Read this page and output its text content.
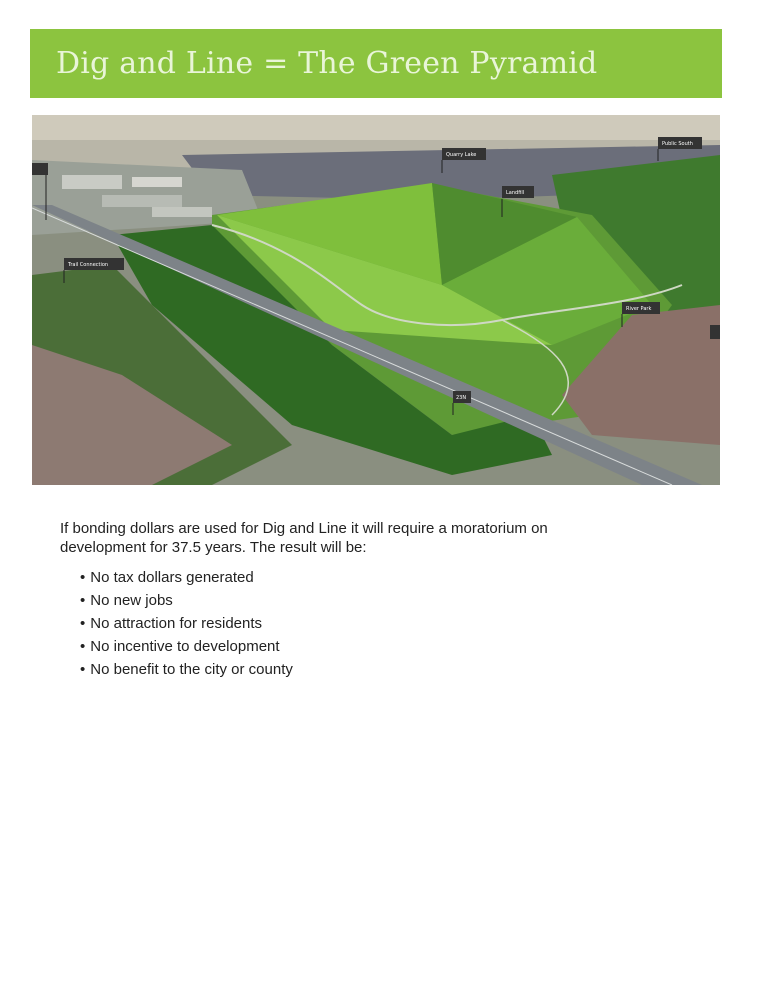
Dig and Line = The Green Pyramid
Quarry Lake
Public South
Landfill
Trail Connection
River Park
23N
If bonding dollars are used for Dig and Line it will require a moratorium on development for 37.5 years. The result will be:
• No tax dollars generated
• No new jobs
• No attraction for residents
• No incentive to development
• No benefit to the city or county
